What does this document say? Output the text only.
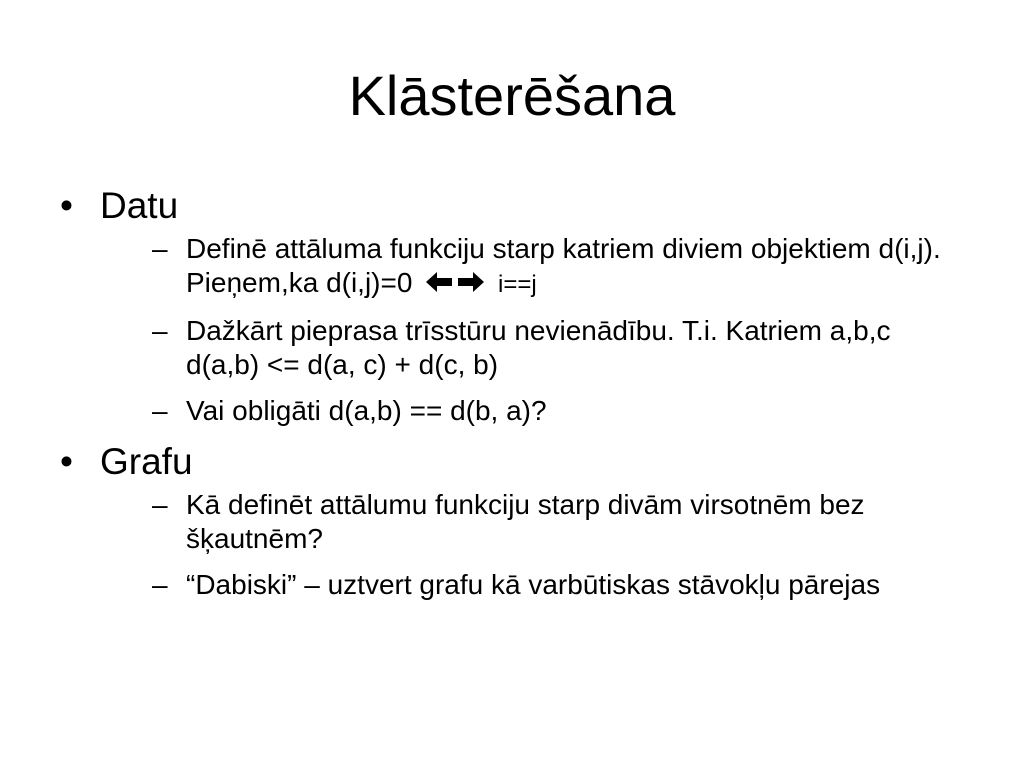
Klāsterēšana
• Datu
– Definē attāluma funkciju starp katriem diviem objektiem d(i,j). Pieņem,ka d(i,j)=0	i==j
– Dažkārt pieprasa trīsstūru nevienādību. T.i. Katriem a,b,c d(a,b) <= d(a, c) + d(c, b)
– Vai obligāti d(a,b) == d(b, a)?
• Grafu
– Kā definēt attālumu funkciju starp divām virsotnēm bez šķautnēm?
– “Dabiski” – uztvert grafu kā varbūtiskas stāvokļu pārejas
